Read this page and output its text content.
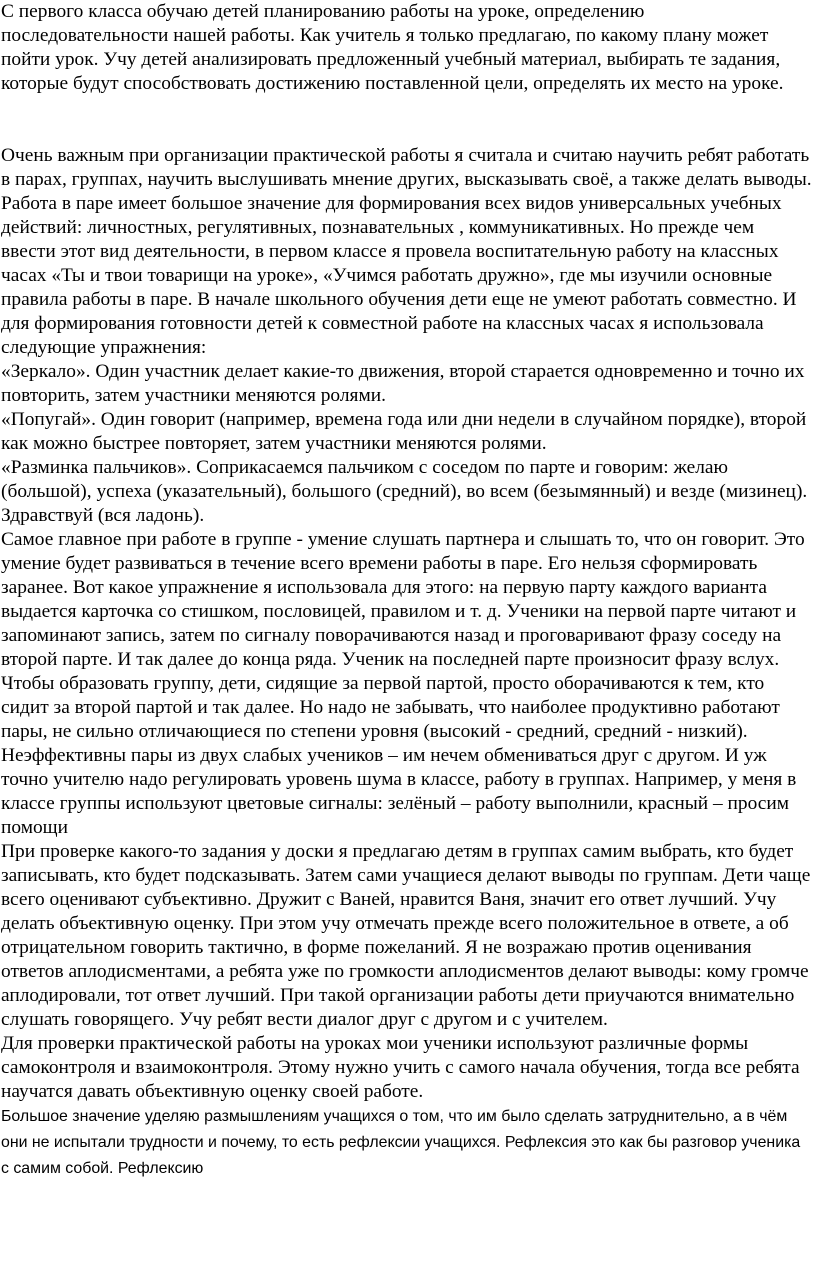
С первого класса обучаю детей планированию работы на уроке, определению последовательности нашей работы. Как учитель я только предлагаю, по какому плану может пойти урок. Учу детей анализировать предложенный учебный материал, выбирать те задания, которые будут способствовать достижению поставленной цели, определять их место на уроке.

Очень важным при организации практической работы я считала и считаю научить ребят работать в парах, группах, научить выслушивать мнение других, высказывать своё, а также делать выводы. Работа в паре имеет большое значение для формирования всех видов универсальных учебных действий: личностных, регулятивных, познавательных , коммуникативных. Но прежде чем ввести этот вид деятельности, в первом классе я провела воспитательную работу на классных часах «Ты и твои товарищи на уроке», «Учимся работать дружно», где мы изучили основные правила работы в паре. В начале школьного обучения дети еще не умеют работать совместно. И для формирования готовности детей к совместной работе на классных часах я использовала следующие упражнения:

«Зеркало». Один участник делает какие-то движения, второй старается одновременно и точно их повторить, затем участники меняются ролями.

«Попугай». Один говорит (например, времена года или дни недели в случайном порядке), второй как можно быстрее повторяет, затем участники меняются ролями.

«Разминка пальчиков». Соприкасаемся пальчиком с соседом по парте и говорим: желаю (большой), успеха (указательный), большого (средний), во всем (безымянный) и везде (мизинец). Здравствуй (вся ладонь).

Самое главное при работе в группе - умение слушать партнера и слышать то, что он говорит. Это умение будет развиваться в течение всего времени работы в паре. Его нельзя сформировать заранее. Вот какое упражнение я использовала для этого: на первую парту каждого варианта выдается карточка со стишком, пословицей, правилом и т. д. Ученики на первой парте читают и запоминают запись, затем по сигналу поворачиваются назад и проговаривают фразу соседу на второй парте. И так далее до конца ряда. Ученик на последней парте произносит фразу вслух.

Чтобы образовать группу, дети, сидящие за первой партой, просто оборачиваются к тем, кто сидит за второй партой и так далее. Но надо не забывать, что наиболее продуктивно работают пары, не сильно отличающиеся по степени уровня (высокий - средний, средний - низкий). Неэффективны пары из двух слабых учеников – им нечем обмениваться друг с другом. И уж точно учителю надо регулировать уровень шума в классе, работу в группах. Например, у меня в классе группы используют цветовые сигналы: зелёный – работу выполнили, красный – просим помощи

При проверке какого-то задания у доски я предлагаю детям в группах самим выбрать, кто будет записывать, кто будет подсказывать. Затем сами учащиеся делают выводы по группам. Дети чаще всего оценивают субъективно. Дружит с Ваней, нравится Ваня, значит его ответ лучший. Учу делать объективную оценку. При этом учу отмечать прежде всего положительное в ответе, а об отрицательном говорить тактично, в форме пожеланий. Я не возражаю против оценивания ответов аплодисментами, а ребята уже по громкости аплодисментов делают выводы: кому громче аплодировали, тот ответ лучший. При такой организации работы дети приучаются внимательно слушать говорящего. Учу ребят вести диалог друг с другом и с учителем.

Для проверки практической работы на уроках мои ученики используют различные формы самоконтроля и взаимоконтроля. Этому нужно учить с самого начала обучения, тогда все ребята научатся давать объективную оценку своей работе.

Большое значение уделяю размышлениям учащихся о том, что им было сделать затруднительно, а в чём они не испытали трудности и почему, то есть рефлексии учащихся. Рефлексия это как бы разговор ученика с самим собой. Рефлексию
